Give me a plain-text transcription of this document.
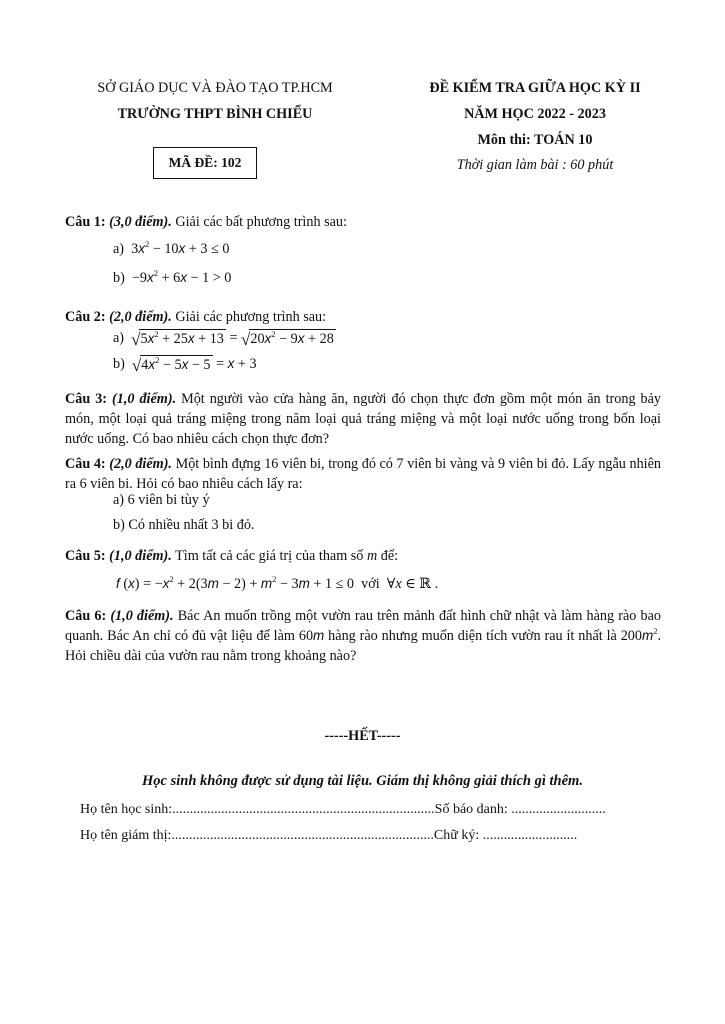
SỞ GIÁO DỤC VÀ ĐÀO TẠO TP.HCM
TRƯỜNG THPT BÌNH CHIỂU
MÃ ĐỀ: 102
ĐỀ KIỂM TRA GIỮA HỌC KỲ II
NĂM HỌC 2022 - 2023
Môn thi: TOÁN 10
Thời gian làm bài : 60 phút
Câu 1: (3,0 điểm). Giải các bất phương trình sau:
a)  $3x^2 - 10x + 3 \le 0$
$b) -9x^2 + 6x - 1 > 0$
Câu 2: (2,0 điểm). Giải các phương trình sau:
a) √ $5x^2 + 25x + 13$ = √ $20x^2 - 9x + 28$
b) √ $4x^2 - 5x - 5 = x + 3$
Câu 3: (1,0 điểm). Một người vào cửa hàng ăn, người đó chọn thực đơn gồm một món ăn trong bảy món, một loại quả tráng miệng trong năm loại quả tráng miệng và một loại nước uống trong bốn loại nước uống. Có bao nhiêu cách chọn thực đơn?
Câu 4: (2,0 điểm). Một bình đựng 16 viên bi, trong đó có 7 viên bi vàng và 9 viên bi đỏ. Lấy ngẫu nhiên ra 6 viên bi. Hỏi có bao nhiêu cách lấy ra:
a) 6 viên bi tùy ý
b) Có nhiều nhất 3 bi đỏ.
Câu 5: (1,0 điểm). Tìm tất cả các giá trị của tham số m để:
f $(x) = -x^2 + 2(3m - 2) + m^2 - 3m + 1 \le 0$  với  ∀x ∈ ℝ .
Câu 6: (1,0 điểm). Bác An muốn trồng một vườn rau trên mảnh đất hình chữ nhật và làm hàng rào bao quanh. Bác An chỉ có đủ vật liệu để làm 60m hàng rào nhưng muốn diện tích vườn rau ít nhất là $200m^2$. Hỏi chiều dài của vườn rau nằm trong khoảng nào?
-----HẾT-----
Học sinh không được sử dụng tài liệu. Giám thị không giải thích gì thêm.
Họ tên học sinh:...........................................................................Số báo danh: ...........................
Họ tên giám thị:...........................................................................Chữ ký: ...........................
